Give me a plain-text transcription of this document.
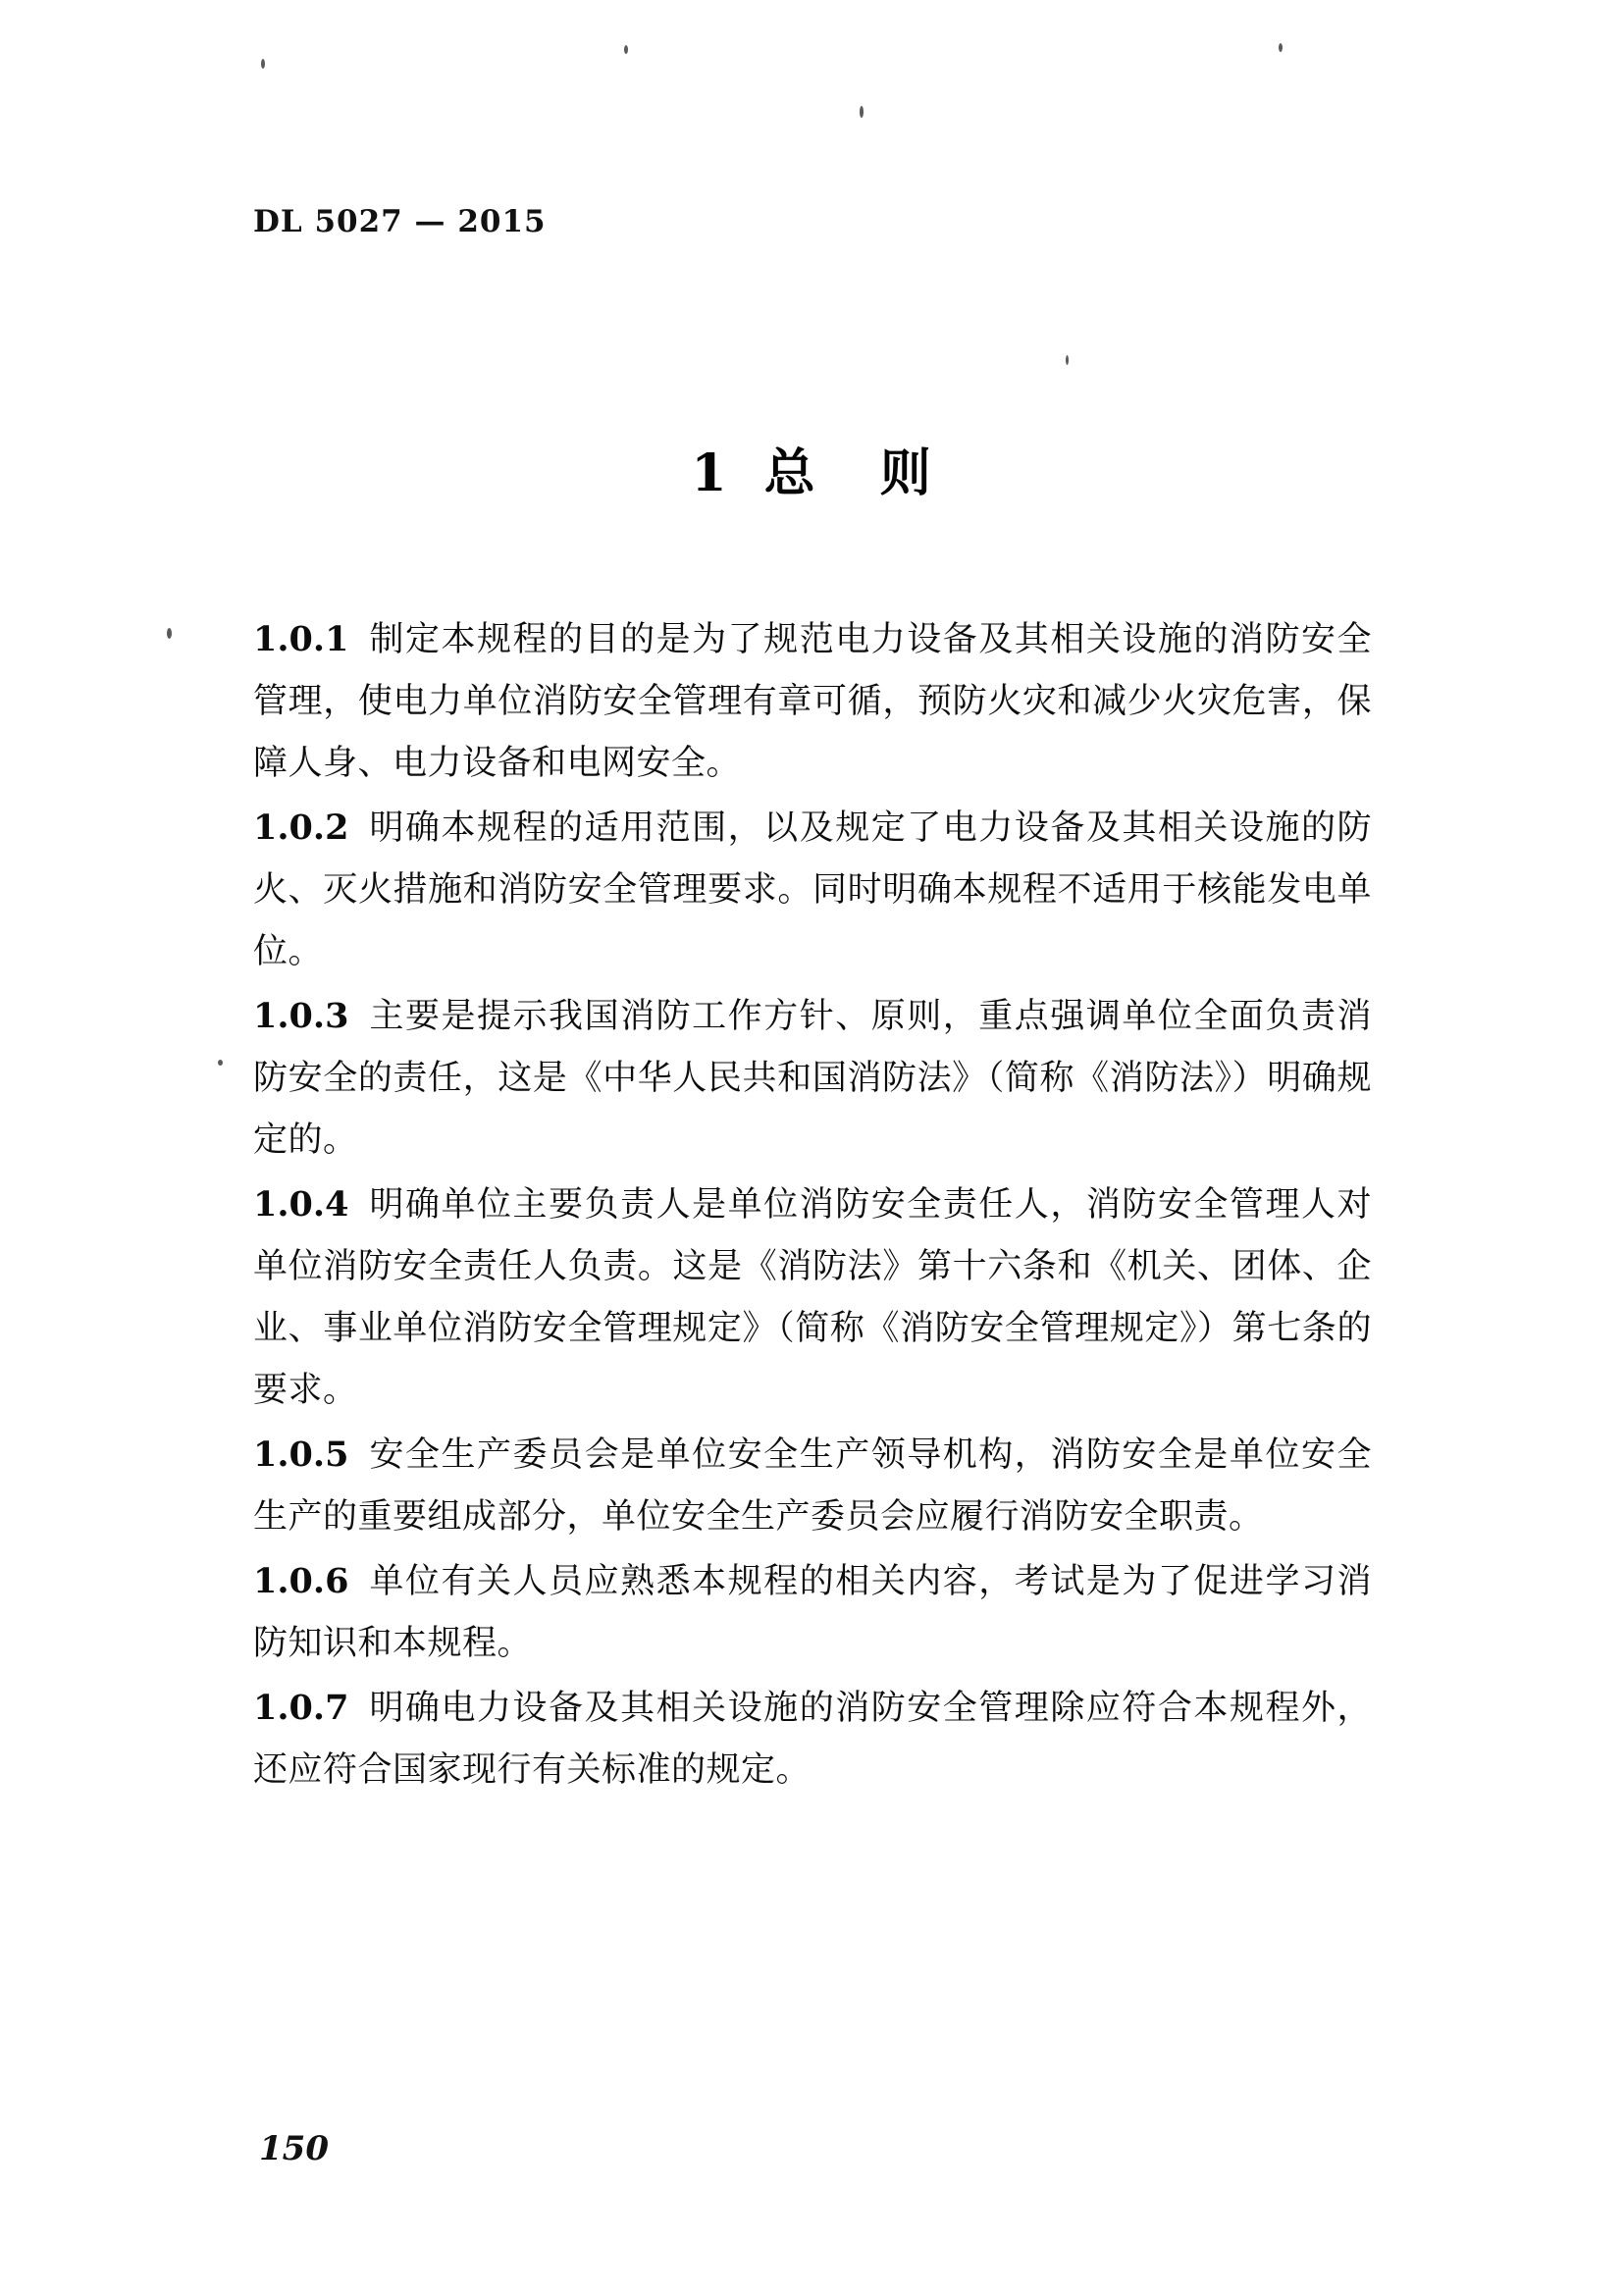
DL 5027 — 2015
1 总 则

1.0.1 制定本规程的目的是为了规范电力设备及其相关设施的消防安全管理，使电力单位消防安全管理有章可循，预防火灾和减少火灾危害，保障人身、电力设备和电网安全。

1.0.2 明确本规程的适用范围，以及规定了电力设备及其相关设施的防火、灭火措施和消防安全管理要求。同时明确本规程不适用于核能发电单位。

1.0.3 主要是提示我国消防工作方针、原则，重点强调单位全面负责消防安全的责任，这是《中华人民共和国消防法》（简称《消防法》）明确规定的。

1.0.4 明确单位主要负责人是单位消防安全责任人，消防安全管理人对单位消防安全责任人负责。这是《消防法》第十六条和《机关、团体、企业、事业单位消防安全管理规定》（简称《消防安全管理规定》）第七条的要求。

1.0.5 安全生产委员会是单位安全生产领导机构，消防安全是单位安全生产的重要组成部分，单位安全生产委员会应履行消防安全职责。

1.0.6 单位有关人员应熟悉本规程的相关内容，考试是为了促进学习消防知识和本规程。

1.0.7 明确电力设备及其相关设施的消防安全管理除应符合本规程外，还应符合国家现行有关标准的规定。

150
